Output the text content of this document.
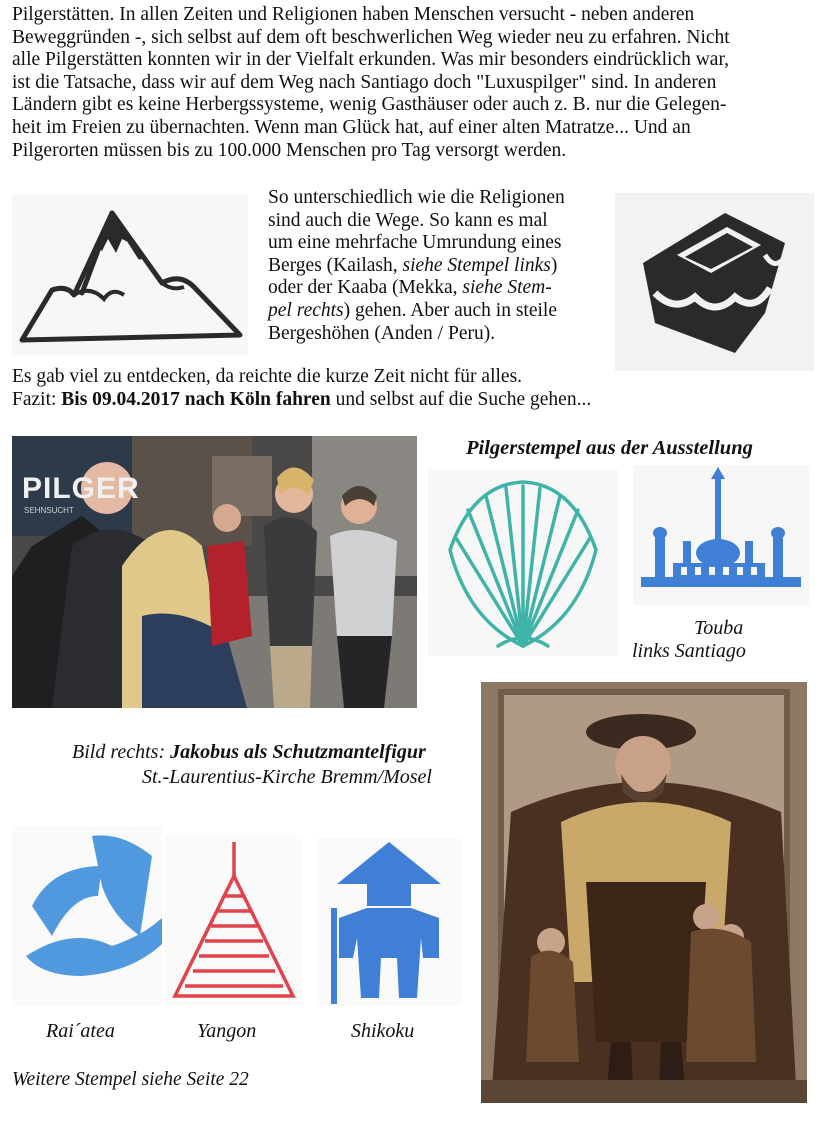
Pilgerstätten. In allen Zeiten und Religionen haben Menschen versucht - neben anderen
Beweggründen -, sich selbst auf dem oft beschwerlichen Weg wieder neu zu erfahren. Nicht
alle Pilgerstätten konnten wir in der Vielfalt erkunden. Was mir besonders eindrücklich war,
ist die Tatsache, dass wir auf dem Weg nach Santiago doch "Luxuspilger" sind. In anderen
Ländern gibt es keine Herbergssysteme, wenig Gasthäuser oder auch z. B. nur die Gelegen-
heit im Freien zu übernachten. Wenn man Glück hat, auf einer alten Matratze... Und an
Pilgerorten müssen bis zu 100.000 Menschen pro Tag versorgt werden.
So unterschiedlich wie die Religionen
sind auch die Wege. So kann es mal
um eine mehrfache Umrundung eines
Berges (Kailash, siehe Stempel links)
oder der Kaaba (Mekka, siehe Stem-
pel rechts) gehen. Aber auch in steile
Bergeshöhen (Anden / Peru).
Es gab viel zu entdecken, da reichte die kurze Zeit nicht für alles.
Fazit: Bis 09.04.2017 nach Köln fahren und selbst auf die Suche gehen...
PILGER
SEHNSUCHT
Pilgerstempel aus der Ausstellung
Touba
links Santiago
Bild rechts: Jakobus als Schutzmantelfigur
St.-Laurentius-Kirche Bremm/Mosel
Rai´atea	Yangon	Shikoku
Weitere Stempel siehe Seite 22
